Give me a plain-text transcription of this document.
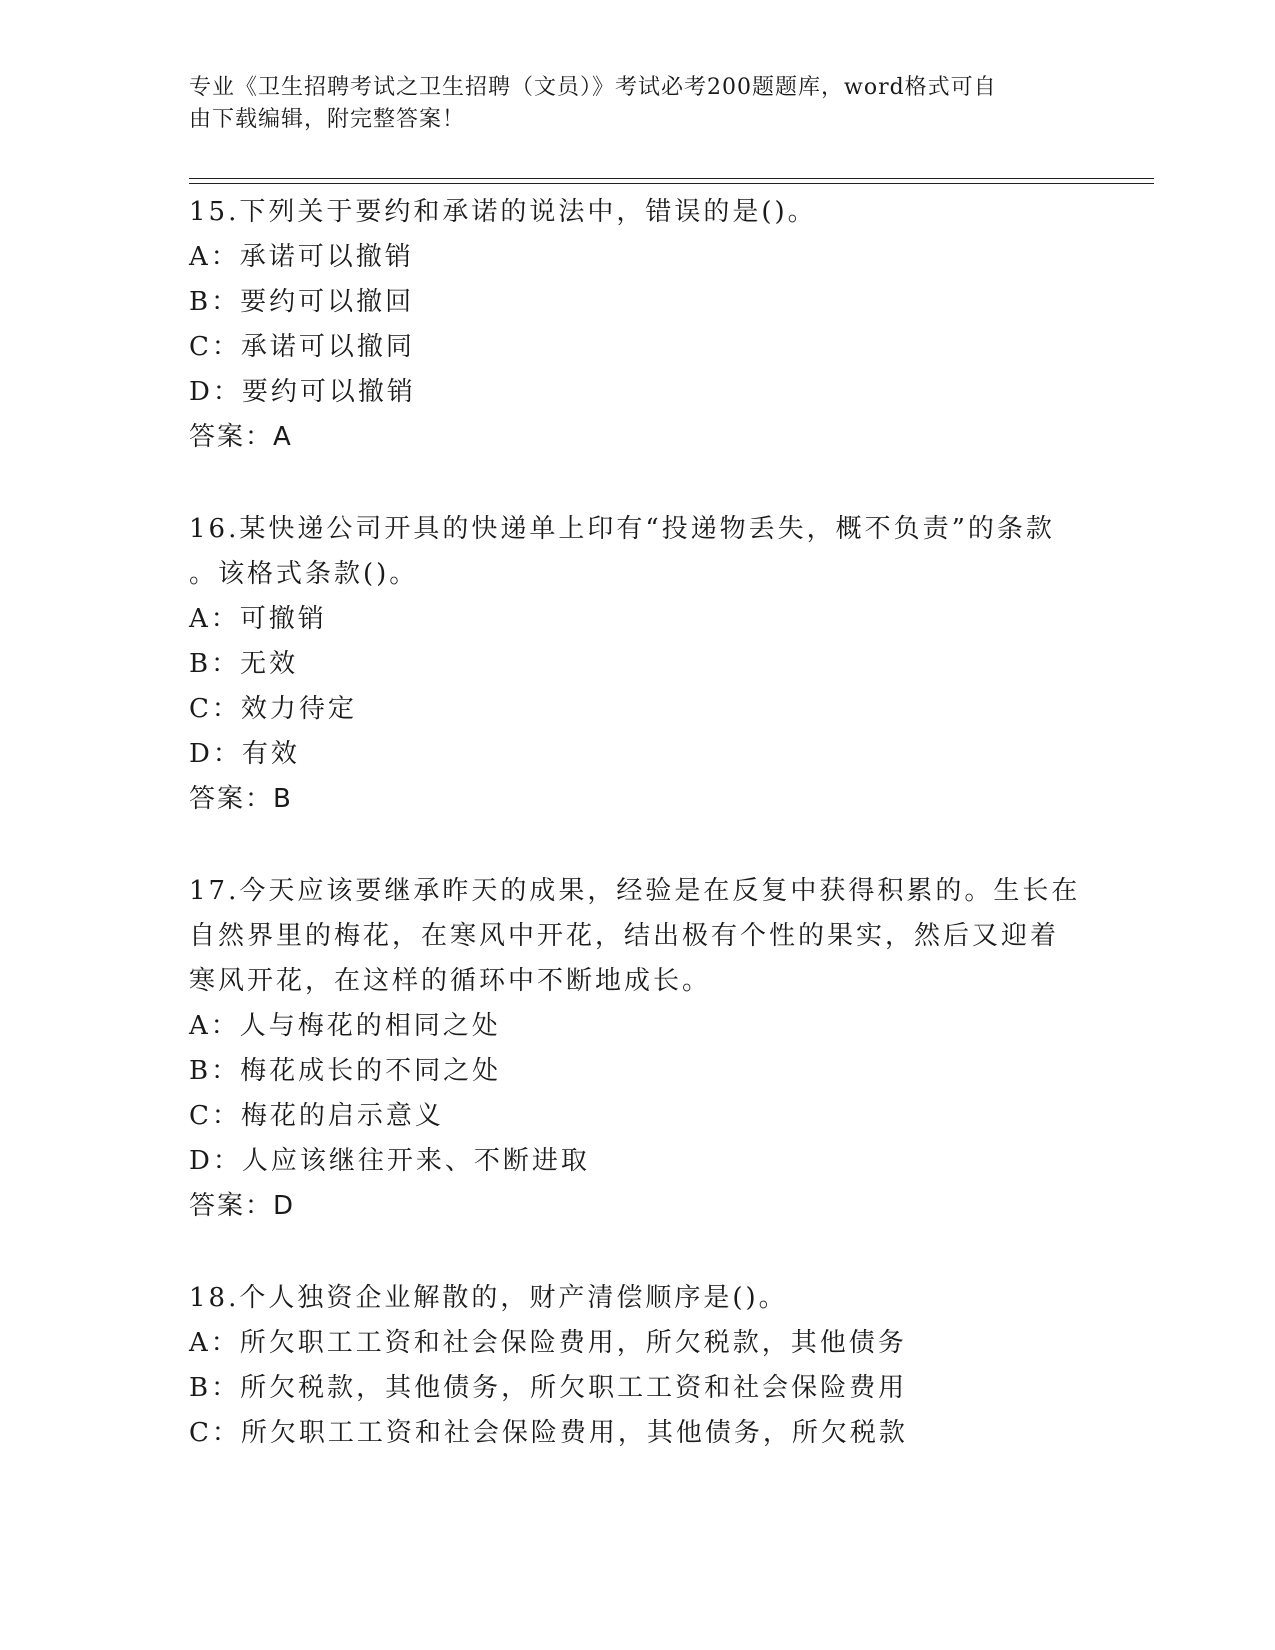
专业《卫生招聘考试之卫生招聘（文员）》考试必考200题题库，word格式可自
由下载编辑，附完整答案！
15.下列关于要约和承诺的说法中，错误的是()。
A：承诺可以撤销
B：要约可以撤回
C：承诺可以撤同
D：要约可以撤销
答案：A
16.某快递公司开具的快递单上印有“投递物丢失，概不负责”的条款
。该格式条款()。
A：可撤销
B：无效
C：效力待定
D：有效
答案：B
17.今天应该要继承昨天的成果，经验是在反复中获得积累的。生长在
自然界里的梅花，在寒风中开花，结出极有个性的果实，然后又迎着
寒风开花，在这样的循环中不断地成长。
A：人与梅花的相同之处
B：梅花成长的不同之处
C：梅花的启示意义
D：人应该继往开来、不断进取
答案：D
18.个人独资企业解散的，财产清偿顺序是()。
A：所欠职工工资和社会保险费用，所欠税款，其他债务
B：所欠税款，其他债务，所欠职工工资和社会保险费用
C：所欠职工工资和社会保险费用，其他债务，所欠税款
